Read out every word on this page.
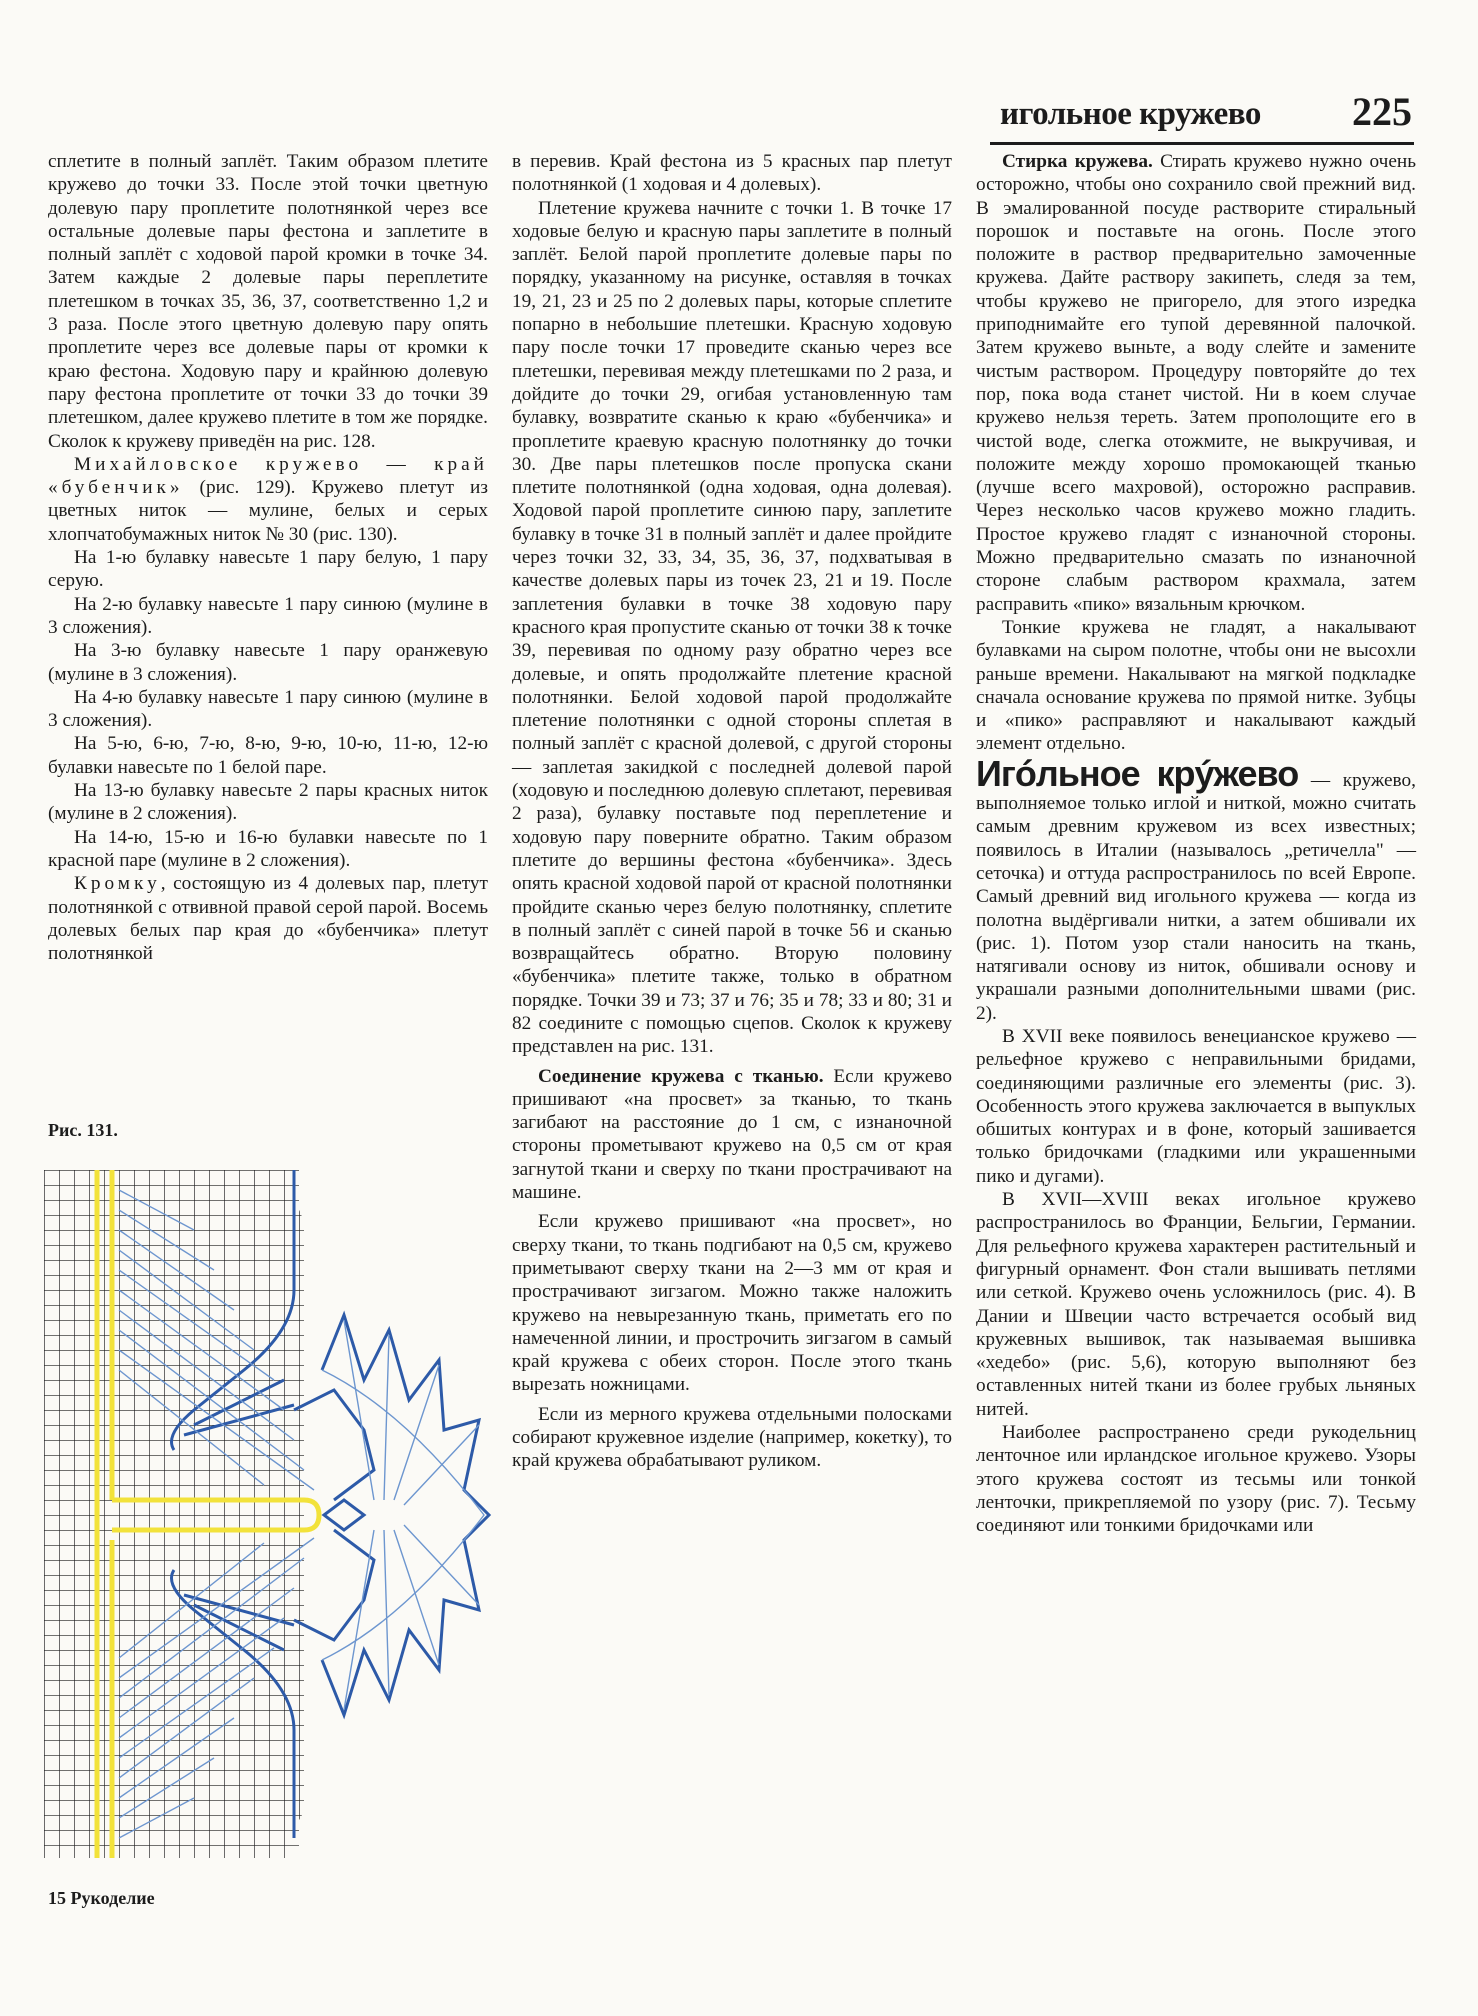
игольное кружево 225

сплетите в полный заплёт. Таким образом плетите кружево до точки 33. После этой точки цветную долевую пару проплетите полотнянкой через все остальные долевые пары фестона и заплетите в полный заплёт с ходовой парой кромки в точке 34. Затем каждые 2 долевые пары переплетите плетешком в точках 35, 36, 37, соответственно 1,2 и 3 раза. После этого цветную долевую пару опять проплетите через все долевые пары от кромки к краю фестона. Ходовую пару и крайнюю долевую пару фестона проплетите от точки 33 до точки 39 плетешком, далее кружево плетите в том же порядке. Сколок к кружеву приведён на рис. 128.

Михайловское кружево — край «бубенчик» (рис. 129). Кружево плетут из цветных ниток — мулине, белых и серых хлопчатобумажных ниток № 30 (рис. 130).

На 1-ю булавку навесьте 1 пару белую, 1 пару серую.

На 2-ю булавку навесьте 1 пару синюю (мулине в 3 сложения).

На 3-ю булавку навесьте 1 пару оранжевую (мулине в 3 сложения).

На 4-ю булавку навесьте 1 пару синюю (мулине в 3 сложения).

На 5-ю, 6-ю, 7-ю, 8-ю, 9-ю, 10-ю, 11-ю, 12-ю булавки навесьте по 1 белой паре.

На 13-ю булавку навесьте 2 пары красных ниток (мулине в 2 сложения).

На 14-ю, 15-ю и 16-ю булавки навесьте по 1 красной паре (мулине в 2 сложения).

Кромку, состоящую из 4 долевых пар, плетут полотнянкой с отвивной правой серой парой. Восемь долевых белых пар края до «бубенчика» плетут полотнянкой

Рис. 131.

в перевив. Край фестона из 5 красных пар плетут полотнянкой (1 ходовая и 4 долевых).

Плетение кружева начните с точки 1. В точке 17 ходовые белую и красную пары заплетите в полный заплёт. Белой парой проплетите долевые пары по порядку, указанному на рисунке, оставляя в точках 19, 21, 23 и 25 по 2 долевых пары, которые сплетите попарно в небольшие плетешки. Красную ходовую пару после точки 17 проведите сканью через все плетешки, перевивая между плетешками по 2 раза, и дойдите до точки 29, огибая установленную там булавку, возвратите сканью к краю «бубенчика» и проплетите краевую красную полотнянку до точки 30. Две пары плетешков после пропуска скани плетите полотнянкой (одна ходовая, одна долевая). Ходовой парой проплетите синюю пару, заплетите булавку в точке 31 в полный заплёт и далее пройдите через точки 32, 33, 34, 35, 36, 37, подхватывая в качестве долевых пары из точек 23, 21 и 19. После заплетения булавки в точке 38 ходовую пару красного края пропустите сканью от точки 38 к точке 39, перевивая по одному разу обратно через все долевые, и опять продолжайте плетение красной полотнянки. Белой ходовой парой продолжайте плетение полотнянки с одной стороны сплетая в полный заплёт с красной долевой, с другой стороны — заплетая закидкой с последней долевой парой (ходовую и последнюю долевую сплетают, перевивая 2 раза), булавку поставьте под переплетение и ходовую пару поверните обратно. Таким образом плетите до вершины фестона «бубенчика». Здесь опять красной ходовой парой от красной полотнянки пройдите сканью через белую полотнянку, сплетите в полный заплёт с синей парой в точке 56 и сканью возвращайтесь обратно. Вторую половину «бубенчика» плетите также, только в обратном порядке. Точки 39 и 73; 37 и 76; 35 и 78; 33 и 80; 31 и 82 соедините с помощью сцепов. Сколок к кружеву представлен на рис. 131.

Соединение кружева с тканью. Если кружево пришивают «на просвет» за тканью, то ткань загибают на расстояние до 1 см, с изнаночной стороны прометывают кружево на 0,5 см от края загнутой ткани и сверху по ткани прострачивают на машине.

Если кружево пришивают «на просвет», но сверху ткани, то ткань подгибают на 0,5 см, кружево приметывают сверху ткани на 2—3 мм от края и прострачивают зигзагом. Можно также наложить кружево на невырезанную ткань, приметать его по намеченной линии, и прострочить зигзагом в самый край кружева с обеих сторон. После этого ткань вырезать ножницами.

Если из мерного кружева отдельными полосками собирают кружевное изделие (например, кокетку), то край кружева обрабатывают руликом.

Стирка кружева. Стирать кружево нужно очень осторожно, чтобы оно сохранило свой прежний вид. В эмалированной посуде растворите стиральный порошок и поставьте на огонь. После этого положите в раствор предварительно замоченные кружева. Дайте раствору закипеть, следя за тем, чтобы кружево не пригорело, для этого изредка приподнимайте его тупой деревянной палочкой. Затем кружево выньте, а воду слейте и замените чистым раствором. Процедуру повторяйте до тех пор, пока вода станет чистой. Ни в коем случае кружево нельзя тереть. Затем прополощите его в чистой воде, слегка отожмите, не выкручивая, и положите между хорошо промокающей тканью (лучше всего махровой), осторожно расправив. Через несколько часов кружево можно гладить. Простое кружево гладят с изнаночной стороны. Можно предварительно смазать по изнаночной стороне слабым раствором крахмала, затем расправить «пико» вязальным крючком.

Тонкие кружева не гладят, а накалывают булавками на сыром полотне, чтобы они не высохли раньше времени. Накалывают на мягкой подкладке сначала основание кружева по прямой нитке. Зубцы и «пико» расправляют и накалывают каждый элемент отдельно.

Игóльное крýжево — кружево, выполняемое только иглой и ниткой, можно считать самым древним кружевом из всех известных; появилось в Италии (называлось „ретичелла" — сеточка) и оттуда распространилось по всей Европе. Самый древний вид игольного кружева — когда из полотна выдёргивали нитки, а затем обшивали их (рис. 1). Потом узор стали наносить на ткань, натягивали основу из ниток, обшивали основу и украшали разными дополнительными швами (рис. 2).

В XVII веке появилось венецианское кружево — рельефное кружево с неправильными бридами, соединяющими различные его элементы (рис. 3). Особенность этого кружева заключается в выпуклых обшитых контурах и в фоне, который зашивается только бридочками (гладкими или украшенными пико и дугами).

В XVII—XVIII веках игольное кружево распространилось во Франции, Бельгии, Германии. Для рельефного кружева характерен растительный и фигурный орнамент. Фон стали вышивать петлями или сеткой. Кружево очень усложнилось (рис. 4). В Дании и Швеции часто встречается особый вид кружевных вышивок, так называемая вышивка «хедебо» (рис. 5,6), которую выполняют без оставленных нитей ткани из более грубых льняных нитей.

Наиболее распространено среди рукодельниц ленточное или ирландское игольное кружево. Узоры этого кружева состоят из тесьмы или тонкой ленточки, прикрепляемой по узору (рис. 7). Тесьму соединяют или тонкими бридочками или

15 Рукоделие
